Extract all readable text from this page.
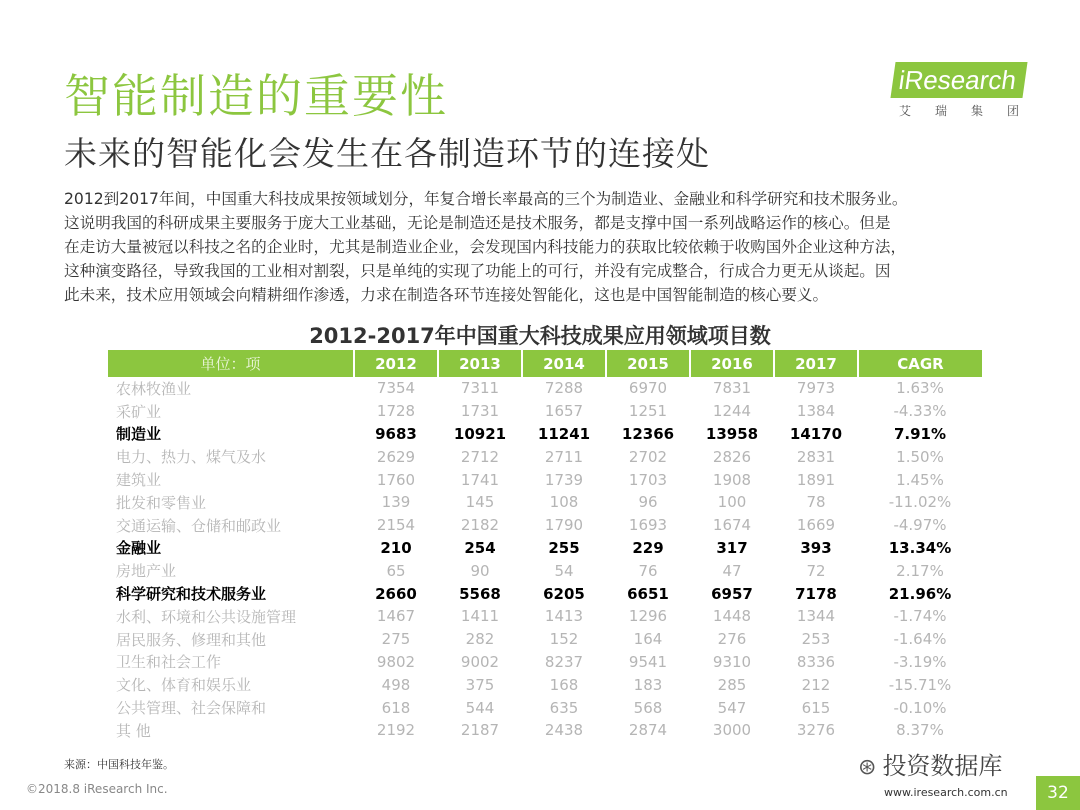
智能制造的重要性
未来的智能化会发生在各制造环节的连接处
iResearch
艾 瑞 集 团

2012到2017年间，中国重大科技成果按领域划分，年复合增长率最高的三个为制造业、金融业和科学研究和技术服务业。

这说明我国的科研成果主要服务于庞大工业基础，无论是制造还是技术服务，都是支撑中国一系列战略运作的核心。但是

在走访大量被冠以科技之名的企业时，尤其是制造业企业，会发现国内科技能力的获取比较依赖于收购国外企业这种方法，

这种演变路径，导致我国的工业相对割裂，只是单纯的实现了功能上的可行，并没有完成整合，行成合力更无从谈起。因

此未来，技术应用领域会向精耕细作渗透，力求在制造各环节连接处智能化，这也是中国智能制造的核心要义。

2012-2017年中国重大科技成果应用领域项目数
单位：项	2012	2013	2014	2015	2016	2017	CAGR
农林牧渔业	7354	7311	7288	6970	7831	7973	1.63%
采矿业	1728	1731	1657	1251	1244	1384	-4.33%
制造业	9683	10921	11241	12366	13958	14170	7.91%
电力、热力、煤气及水	2629	2712	2711	2702	2826	2831	1.50%
建筑业	1760	1741	1739	1703	1908	1891	1.45%
批发和零售业	139	145	108	96	100	78	-11.02%
交通运输、仓储和邮政业	2154	2182	1790	1693	1674	1669	-4.97%
金融业	210	254	255	229	317	393	13.34%
房地产业	65	90	54	76	47	72	2.17%
科学研究和技术服务业	2660	5568	6205	6651	6957	7178	21.96%
水利、环境和公共设施管理	1467	1411	1413	1296	1448	1344	-1.74%
居民服务、修理和其他	275	282	152	164	276	253	-1.64%
卫生和社会工作	9802	9002	8237	9541	9310	8336	-3.19%
文化、体育和娱乐业	498	375	168	183	285	212	-15.71%
公共管理、社会保障和	618	544	635	568	547	615	-0.10%
其 他	2192	2187	2438	2874	3000	3276	8.37%
来源：中国科技年鉴。	⊛ 投资数据库
©2018.8 iResearch Inc.	www.iresearch.com.cn	32
